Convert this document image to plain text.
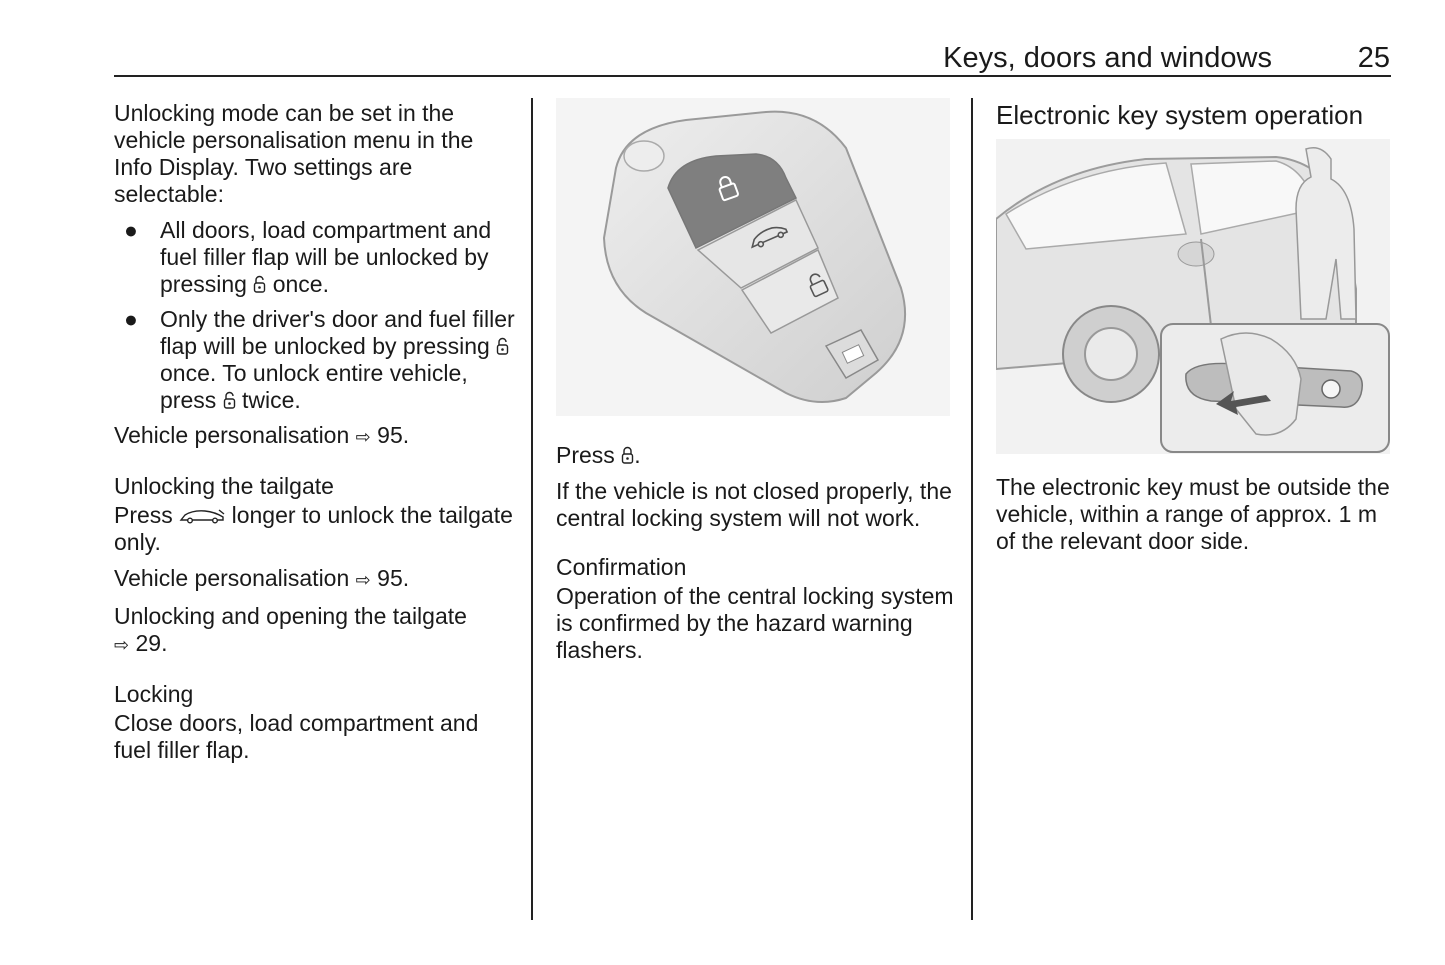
Keys, doors and windows	25

Unlocking mode can be set in the vehicle personalisation menu in the Info Display. Two settings are selectable:

● All doors, load compartment and fuel filler flap will be unlocked by pressing once.
● Only the driver's door and fuel filler flap will be unlocked by pressing  once. To unlock entire vehicle, press twice.

Vehicle personalisation ⇨ 95.

Unlocking the tailgate

Press	longer to unlock the tailgate only.

Vehicle personalisation ⇨ 95.

Unlocking and opening the tailgate
⇨ 29.

Locking

Close doors, load compartment and fuel filler flap.

Press .

If the vehicle is not closed properly, the central locking system will not work.

Confirmation

Operation of the central locking system is confirmed by the hazard warning flashers.

Electronic key system operation

The electronic key must be outside the vehicle, within a range of approx. 1 m of the relevant door side.
